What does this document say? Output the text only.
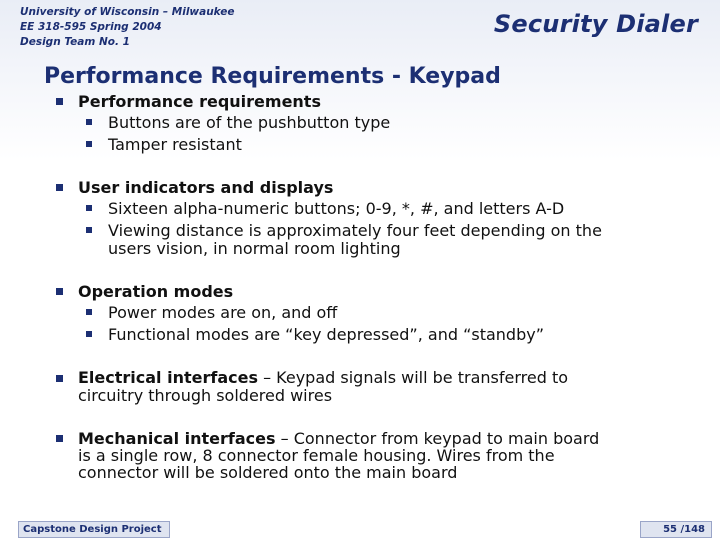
University of Wisconsin – Milwaukee
EE 318-595 Spring 2004
Design Team No. 1
Security Dialer
Performance Requirements - Keypad
Performance requirements
Buttons are of the pushbutton type
Tamper resistant
User indicators and displays
Sixteen alpha-numeric buttons; 0-9, *, #, and letters A-D
Viewing distance is approximately four feet depending on the
users vision, in normal room lighting
Operation modes
Power modes are on, and off
Functional modes are “key depressed”, and “standby”
Electrical interfaces – Keypad signals will be transferred to
circuitry through soldered wires
Mechanical interfaces – Connector from keypad to main board
is a single row, 8 connector female housing. Wires from the
connector will be soldered onto the main board
Capstone Design Project	55 /148
